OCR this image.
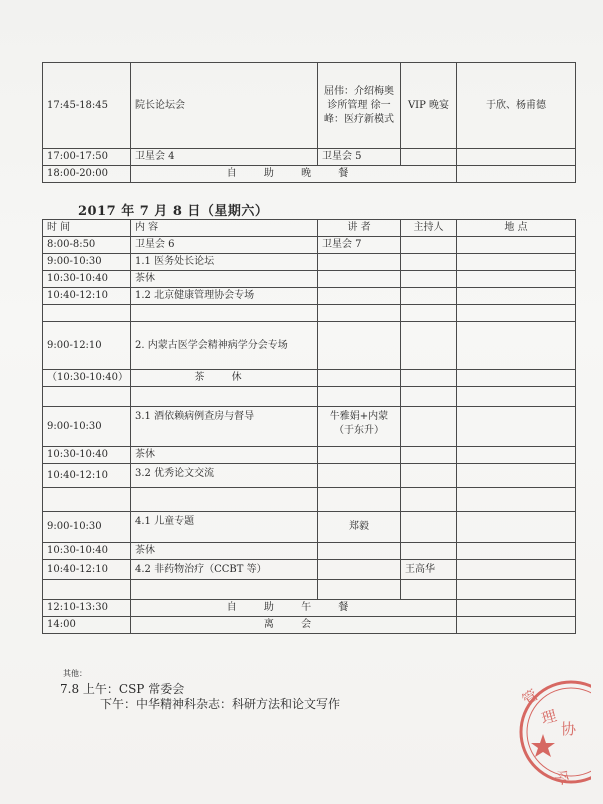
17:45-18:45	院长论坛会	屈伟：介绍梅奥诊所管理 徐一峰：医疗新模式	VIP 晚宴	于欣、杨甫德
17:00-17:50	卫星会 4	卫星会 5		
18:00-20:00	自 助 晚 餐			
2017 年 7 月 8 日（星期六）
时 间	内 容	讲 者	主持人	地 点
8:00-8:50	卫星会 6	卫星会 7		
9:00-10:30	1.1 医务处长论坛			
10:30-10:40	茶休			
10:40-12:10	1.2 北京健康管理协会专场			

9:00-12:10	2. 内蒙古医学会精神病学分会专场			
（10:30-10:40）	茶 休			

9:00-10:30	3.1 酒依赖病例查房与督导	牛雅娟+内蒙（于东升）		
10:30-10:40	茶休			
10:40-12:10	3.2 优秀论文交流			

9:00-10:30	4.1 儿童专题	郑毅		
10:30-10:40	茶休			
10:40-12:10	4.2 非药物治疗（CCBT 等）		王高华	

12:10-13:30	自 助 午 餐			
14:00	离 会			
其他：
7.8 上午：CSP 常委会
下午：中华精神科杂志：科研方法和论文写作	管
理
协
会
